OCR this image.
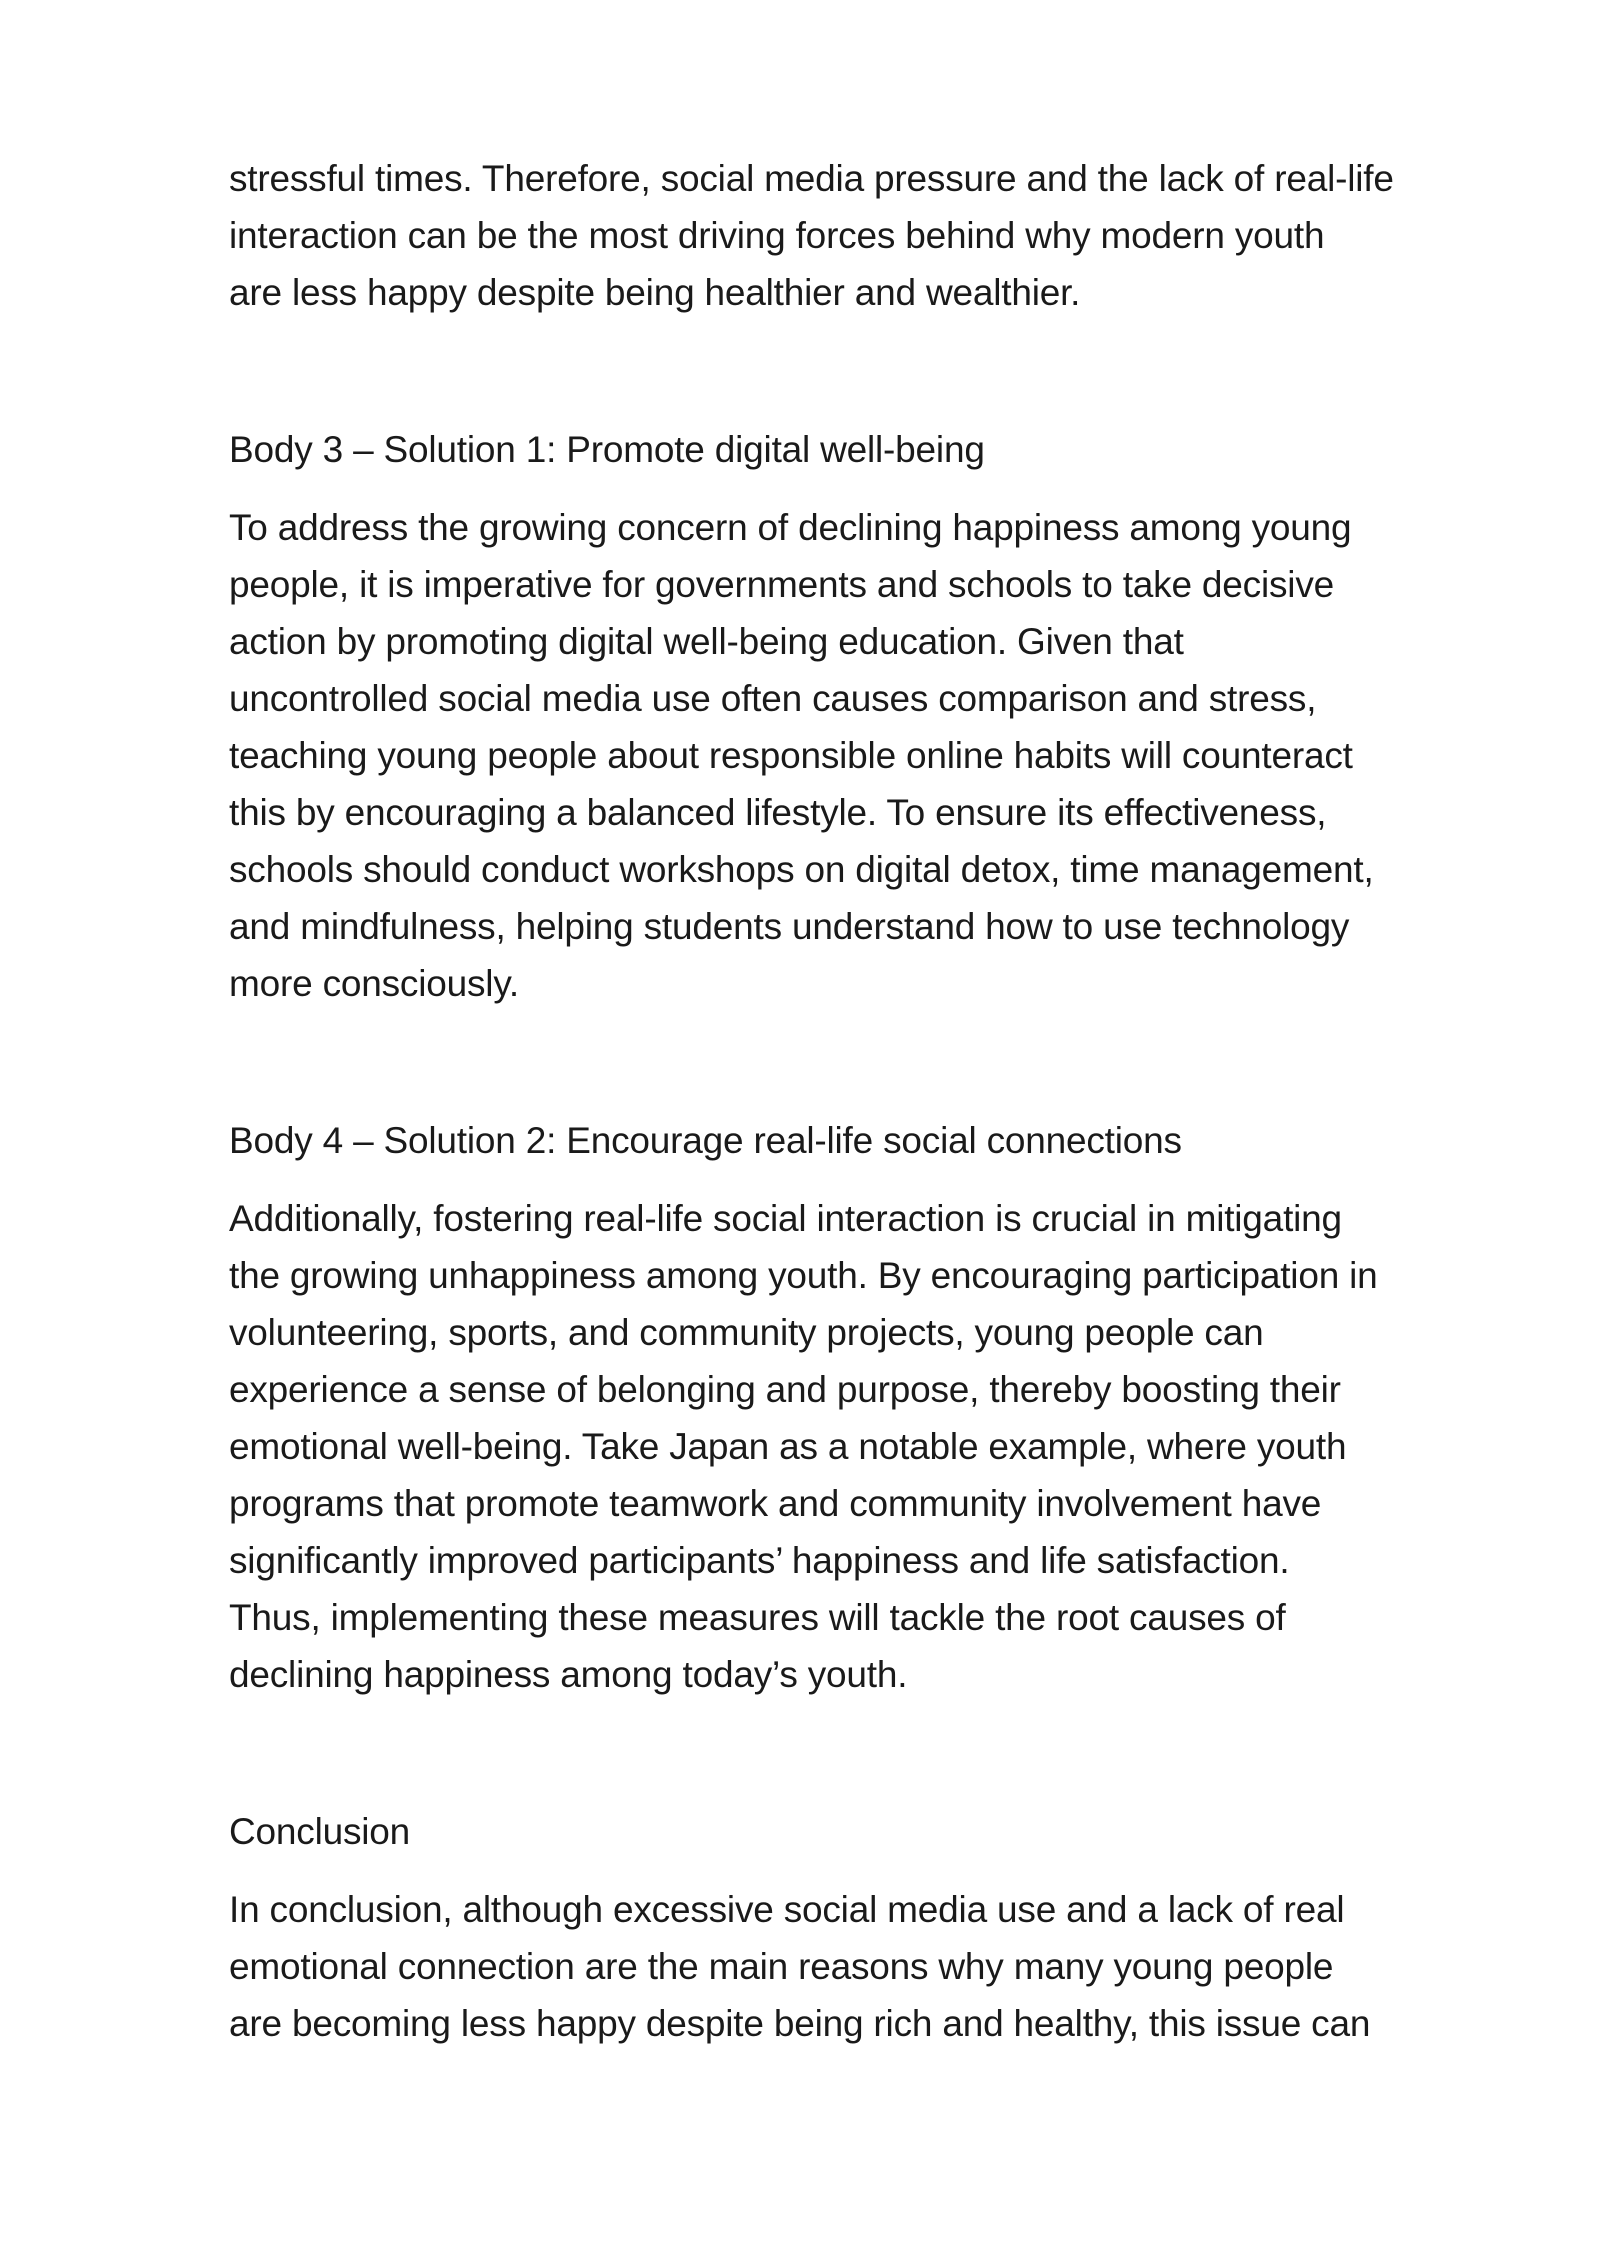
stressful times. Therefore, social media pressure and the lack of real-life
interaction can be the most driving forces behind why modern youth
are less happy despite being healthier and wealthier.
Body 3 – Solution 1: Promote digital well-being
To address the growing concern of declining happiness among young
people, it is imperative for governments and schools to take decisive
action by promoting digital well-being education. Given that
uncontrolled social media use often causes comparison and stress,
teaching young people about responsible online habits will counteract
this by encouraging a balanced lifestyle. To ensure its effectiveness,
schools should conduct workshops on digital detox, time management,
and mindfulness, helping students understand how to use technology
more consciously.
Body 4 – Solution 2: Encourage real-life social connections
Additionally, fostering real-life social interaction is crucial in mitigating
the growing unhappiness among youth. By encouraging participation in
volunteering, sports, and community projects, young people can
experience a sense of belonging and purpose, thereby boosting their
emotional well-being. Take Japan as a notable example, where youth
programs that promote teamwork and community involvement have
significantly improved participants’ happiness and life satisfaction.
Thus, implementing these measures will tackle the root causes of
declining happiness among today’s youth.
Conclusion
In conclusion, although excessive social media use and a lack of real
emotional connection are the main reasons why many young people
are becoming less happy despite being rich and healthy, this issue can
